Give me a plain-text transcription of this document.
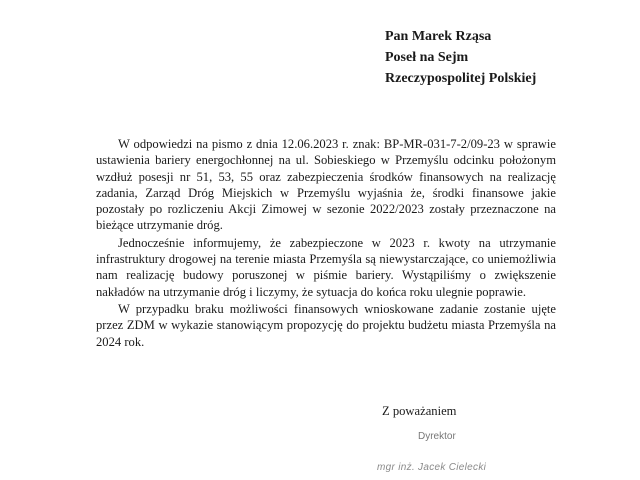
Pan Marek Rząsa
Poseł na Sejm
Rzeczypospolitej Polskiej

W odpowiedzi na pismo z dnia 12.06.2023 r. znak: BP-MR-031-7-2/09-23 w sprawie ustawienia bariery energochłonnej na ul. Sobieskiego w Przemyślu odcinku położonym wzdłuż posesji nr 51, 53, 55 oraz zabezpieczenia środków finansowych na realizację zadania, Zarząd Dróg Miejskich w Przemyślu wyjaśnia że, środki finansowe jakie pozostały po rozliczeniu Akcji Zimowej w sezonie 2022/2023 zostały przeznaczone na bieżące utrzymanie dróg.

Jednocześnie informujemy, że zabezpieczone w 2023 r. kwoty na utrzymanie infrastruktury drogowej na terenie miasta Przemyśla są niewystarczające, co uniemożliwia nam realizację budowy poruszonej w piśmie bariery. Wystąpiliśmy o zwiększenie nakładów na utrzymanie dróg i liczymy, że sytuacja do końca roku ulegnie poprawie.

W przypadku braku możliwości finansowych wnioskowane zadanie zostanie ujęte przez ZDM w wykazie stanowiącym propozycję do projektu budżetu miasta Przemyśla na 2024 rok.

Z poważaniem
Dyrektor
mgr inż. Jacek Cielecki
